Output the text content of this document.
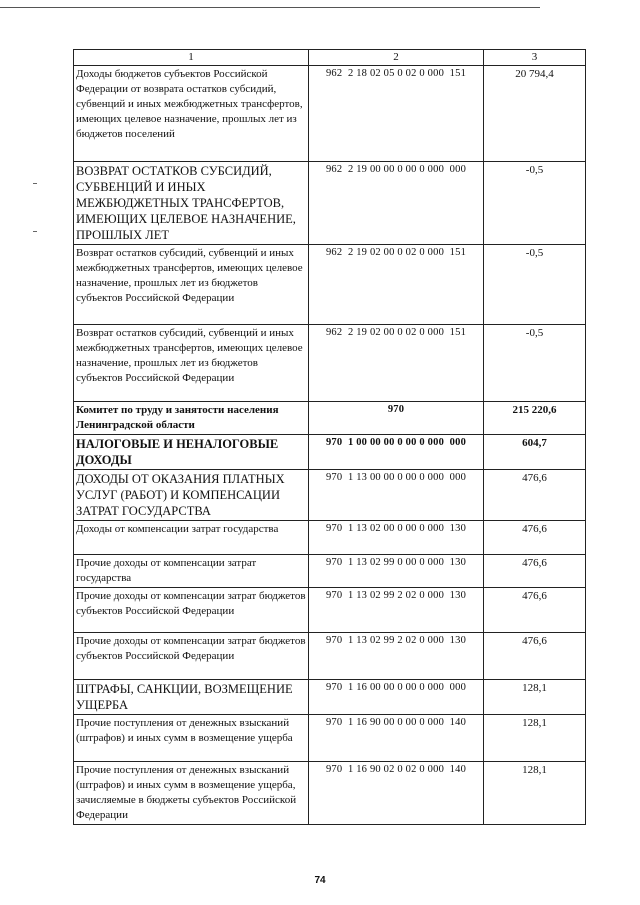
1	2	3
Доходы бюджетов субъектов Российской Федерации от возврата остатков субсидий, субвенций и иных межбюджетных трансфертов, имеющих целевое назначение, прошлых лет из бюджетов поселений	962  2 18 02 05 0 02 0 000  151	20 794,4
ВОЗВРАТ ОСТАТКОВ СУБСИДИЙ, СУБВЕНЦИЙ И ИНЫХ МЕЖБЮДЖЕТНЫХ ТРАНСФЕРТОВ, ИМЕЮЩИХ ЦЕЛЕВОЕ НАЗНАЧЕНИЕ, ПРОШЛЫХ ЛЕТ	962  2 19 00 00 0 00 0 000  000	-0,5
Возврат остатков субсидий, субвенций и иных межбюджетных трансфертов, имеющих целевое назначение, прошлых лет из бюджетов субъектов Российской Федерации	962  2 19 02 00 0 02 0 000  151	-0,5
Возврат остатков субсидий, субвенций и иных межбюджетных трансфертов, имеющих целевое назначение, прошлых лет из бюджетов субъектов Российской Федерации	962  2 19 02 00 0 02 0 000  151	-0,5
Комитет по труду и занятости населения Ленинградской области	970	215 220,6
НАЛОГОВЫЕ И НЕНАЛОГОВЫЕ ДОХОДЫ	970  1 00 00 00 0 00 0 000  000	604,7
ДОХОДЫ ОТ ОКАЗАНИЯ ПЛАТНЫХ УСЛУГ (РАБОТ) И КОМПЕНСАЦИИ ЗАТРАТ ГОСУДАРСТВА	970  1 13 00 00 0 00 0 000  000	476,6
Доходы от компенсации затрат государства	970  1 13 02 00 0 00 0 000  130	476,6
Прочие доходы от компенсации затрат государства	970  1 13 02 99 0 00 0 000  130	476,6
Прочие доходы от компенсации затрат бюджетов субъектов Российской Федерации	970  1 13 02 99 2 02 0 000  130	476,6
Прочие доходы от компенсации затрат бюджетов субъектов Российской Федерации	970  1 13 02 99 2 02 0 000  130	476,6
ШТРАФЫ, САНКЦИИ, ВОЗМЕЩЕНИЕ УЩЕРБА	970  1 16 00 00 0 00 0 000  000	128,1
Прочие поступления от денежных взысканий (штрафов) и иных сумм в возмещение ущерба	970  1 16 90 00 0 00 0 000  140	128,1
Прочие поступления от денежных взысканий (штрафов) и иных сумм в возмещение ущерба, зачисляемые в бюджеты субъектов Российской Федерации	970  1 16 90 02 0 02 0 000  140	128,1
74
